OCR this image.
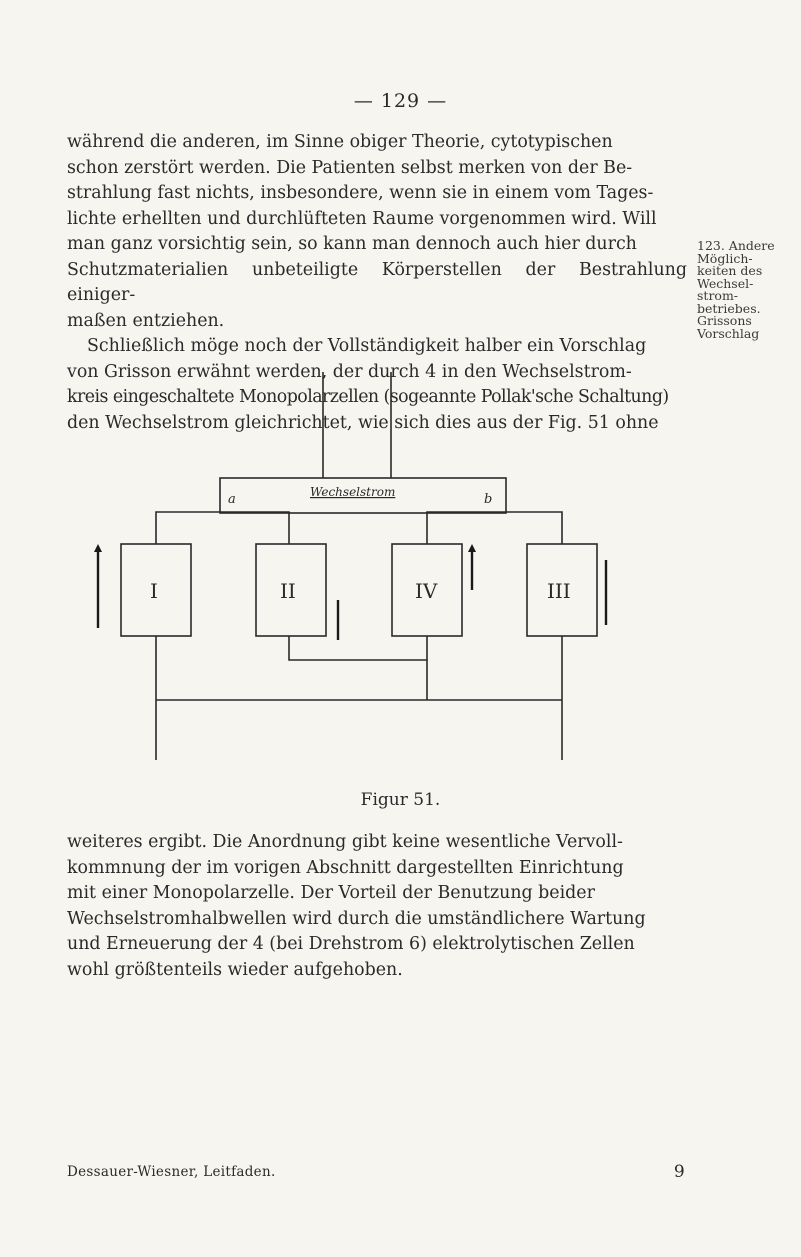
— 129 —

während die anderen, im Sinne obiger Theorie, cytotypischen

schon zerstört werden. Die Patienten selbst merken von der Be-

strahlung fast nichts, insbesondere, wenn sie in einem vom Tages-

lichte erhellten und durchlüfteten Raume vorgenommen wird. Will

man ganz vorsichtig sein, so kann man dennoch auch hier durch

Schutzmaterialien unbeteiligte Körperstellen der Bestrahlung einiger-

maßen entziehen.

Schließlich möge noch der Vollständigkeit halber ein Vorschlag

von Grisson erwähnt werden, der durch 4 in den Wechselstrom-

kreis eingeschaltete Monopolarzellen (sogeannte Pollak'sche Schaltung)

den Wechselstrom gleichrichtet, wie sich dies aus der Fig. 51 ohne

123. Andere
Möglich-
keiten des
Wechsel-
strom-
betriebes.
Grissons
Vorschlag
a	b
Wechselstrom
I	II	IV	III
Figur 51.

weiteres ergibt. Die Anordnung gibt keine wesentliche Vervoll-

kommnung der im vorigen Abschnitt dargestellten Einrichtung

mit einer Monopolarzelle. Der Vorteil der Benutzung beider

Wechselstromhalbwellen wird durch die umständlichere Wartung

und Erneuerung der 4 (bei Drehstrom 6) elektrolytischen Zellen

wohl größtenteils wieder aufgehoben.

Dessauer-Wiesner, Leitfaden.	9
